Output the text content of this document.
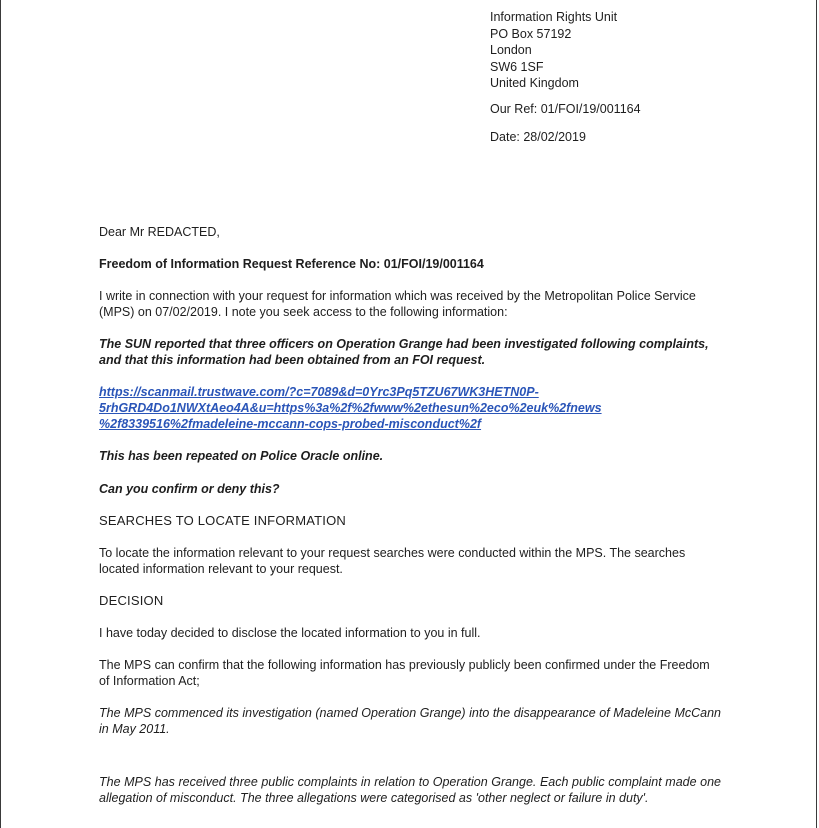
Information Rights Unit
PO Box 57192
London
SW6 1SF
United Kingdom
Our Ref: 01/FOI/19/001164
Date: 28/02/2019

Dear Mr REDACTED,

Freedom of Information Request Reference No: 01/FOI/19/001164

I write in connection with your request for information which was received by the Metropolitan Police Service (MPS) on 07/02/2019. I note you seek access to the following information:

The SUN reported that three officers on Operation Grange had been investigated following complaints, and that this information had been obtained from an FOI request.

https://scanmail.trustwave.com/?c=7089&d=0Yrc3Pq5TZU67WK3HETN0P-
5rhGRD4Do1NWXtAeo4A&u=https%3a%2f%2fwww%2ethesun%2eco%2euk%2fnews
%2f8339516%2fmadeleine-mccann-cops-probed-misconduct%2f

This has been repeated on Police Oracle online.

Can you confirm or deny this?

SEARCHES TO LOCATE INFORMATION

To locate the information relevant to your request searches were conducted within the MPS. The searches located information relevant to your request.

DECISION

I have today decided to disclose the located information to you in full.

The MPS can confirm that the following information has previously publicly been confirmed under the Freedom of Information Act;

The MPS commenced its investigation (named Operation Grange) into the disappearance of Madeleine McCann in May 2011.

The MPS has received three public complaints in relation to Operation Grange. Each public complaint made one allegation of misconduct. The three allegations were categorised as 'other neglect or failure in duty'.
